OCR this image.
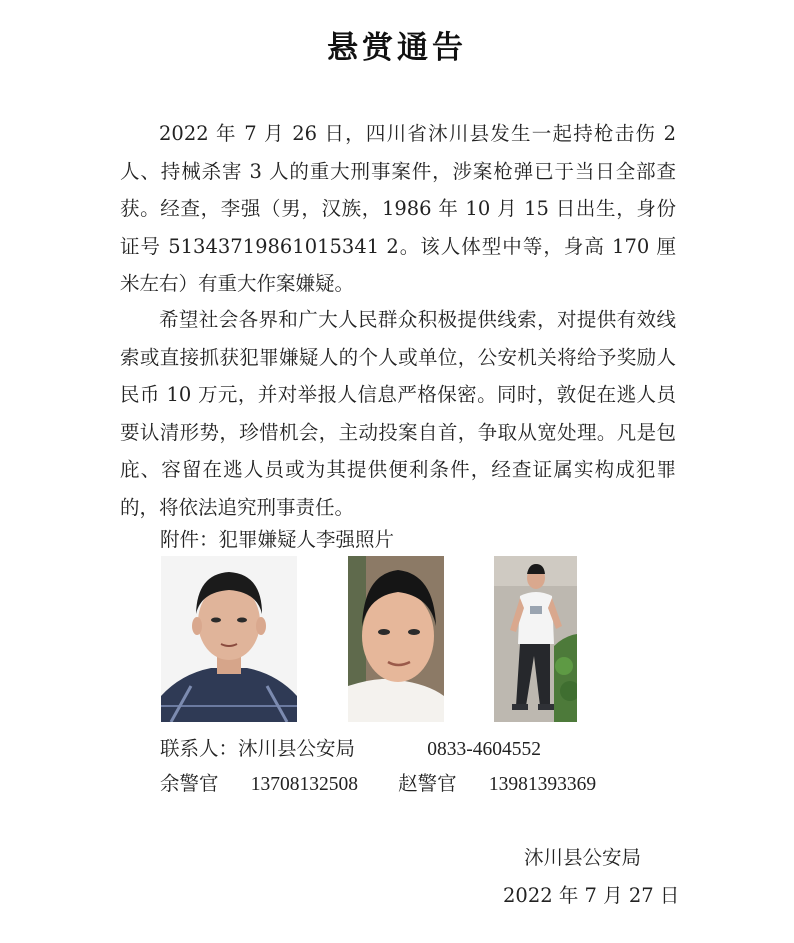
悬赏通告

2022 年 7 月 26 日，四川省沐川县发生一起持枪击伤 2 人、持械杀害 3 人的重大刑事案件，涉案枪弹已于当日全部查获。经查，李强（男，汉族，1986 年 10 月 15 日出生，身份证号 51343719861015341 2。该人体型中等，身高 170 厘米左右）有重大作案嫌疑。

希望社会各界和广大人民群众积极提供线索，对提供有效线索或直接抓获犯罪嫌疑人的个人或单位，公安机关将给予奖励人民币 10 万元，并对举报人信息严格保密。同时，敦促在逃人员要认清形势，珍惜机会，主动投案自首，争取从宽处理。凡是包庇、容留在逃人员或为其提供便利条件，经查证属实构成犯罪的，将依法追究刑事责任。

附件：犯罪嫌疑人李强照片
联系人：沐川县公安局	0833-4604552
余警官 13708132508 赵警官 13981393369
沐川县公安局
2022 年 7 月 27 日
